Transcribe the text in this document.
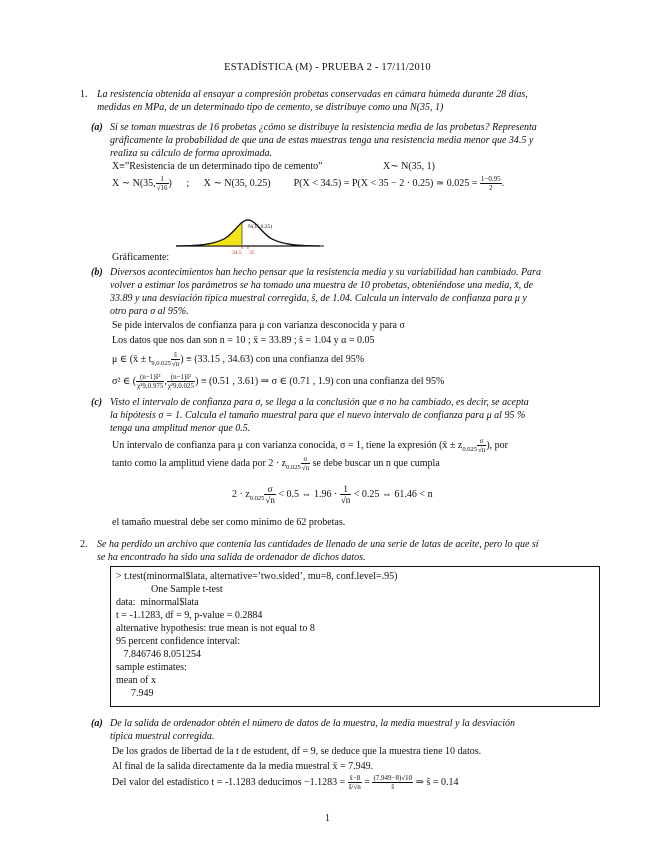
ESTADÍSTICA (M) - PRUEBA 2 - 17/11/2010
1. La resistencia obtenida al ensayar a compresión probetas conservadas en cámara húmeda durante 28 días,
medidas en MPa, de un determinado tipo de cemento, se distribuye como una N(35, 1)
(a) Si se toman muestras de 16 probetas ¿cómo se distribuye la resistencia media de las probetas? Representa
gráficamente la probabilidad de que una de estas muestras tenga una resistencia media menor que 34.5 y
realiza su cálculo de forma aproximada.
X≡”Resistencia de un determinado tipo de cemento”	X∼ N(35, 1)
X ∼ N(35, $\frac{1}{√16}$ ) ; X ∼ N(35, 0.25) P(X < 34.5) = P(X < 35 − 2 · 0.25) ≃ $0.025 = \frac{1-0.95}{2}$ .
Gráficamente:
N(35,0.25)
34.5 35
(b) Diversos acontecimientos han hecho pensar que la resistencia media y su variabilidad han cambiado. Para
volver a estimar los parámetros se ha tomado una muestra de 10 probetas, obteniéndose una media, x̄, de
33.89 y una desviación típica muestral corregida, ŝ, de 1.04. Calcula un intervalo de confianza para μ y
otro para σ al 95%.
Se pide intervalos de confianza para μ con varianza desconocida y para σ
Los datos que nos dan son n = 10 ; x̄ = 33.89 ; ŝ = 1.04 y α = 0.05
μ ∈ (x̄ ± $t_{9,0.025} \frac{ŝ}{√n}$ ) ≡ (33.15 , 34.63) con una confianza del 95%
σ² ∈ ( $\frac{\text{(n−1)ŝ²}}{\text{χ²9,0.975}}$ , $\frac{\text{(n−1)ŝ²}}{\text{χ²9,0.025}}$ ) ≡ (0.51 , 3.61) ⇒ σ ∈ (0.71 , 1.9) con una confianza del 95%
(c) Visto el intervalo de confianza para σ, se llega a la conclusión que σ no ha cambiado, es decir, se acepta
la hipótesis σ = 1. Calcula el tamaño muestral para que el nuevo intervalo de confianza para μ al 95 %
tenga una amplitud menor que 0.5.
Un intervalo de confianza para μ con varianza conocida, σ = 1, tiene la expresión (x̄ ± $z_{0.025} \frac{\sigma}{√n}$ ), por
tanto como la amplitud viene dada por $2 \cdot z_{0.025} \frac{\sigma}{√n}$ se debe buscar un n que cumpla
$2 \cdot z_{0.025} \frac{\sigma}{√n} < 0.5$ ⇔ $1.96 \cdot \frac{1}{√n} < 0.25$ ⇔ 61.46 < n
el tamaño muestral debe ser como mínimo de 62 probetas.
2. Se ha perdido un archivo que contenía las cantidades de llenado de una serie de latas de aceite, pero lo que sí
se ha encontrado ha sido una salida de ordenador de dichos datos.
> t.test(minormal$lata, alternative=’two.sided’, mu=8, conf.level=.95)
One Sample t-test
data:  minormal$lata
t = -1.1283, df = 9, p-value = 0.2884
alternative hypothesis: true mean is not equal to 8
95 percent confidence interval:
7.846746 8.051254
sample estimates:
mean of x
7.949
(a) De la salida de ordenador obtén el número de datos de la muestra, la media muestral y la desviación
típica muestral corregida.
De los grados de libertad de la t de estudent, df = 9, se deduce que la muestra tiene 10 datos.
Al final de la salida directamente da la media muestral x̄ = 7.949.
Del valor del estadístico t = -1.1283 deducimos $-1.1283 = \frac{x̄-8}{ŝ/√n} = \frac{(7.949-8)√10}{ŝ}$ ⇒ ŝ = 0.14
1
